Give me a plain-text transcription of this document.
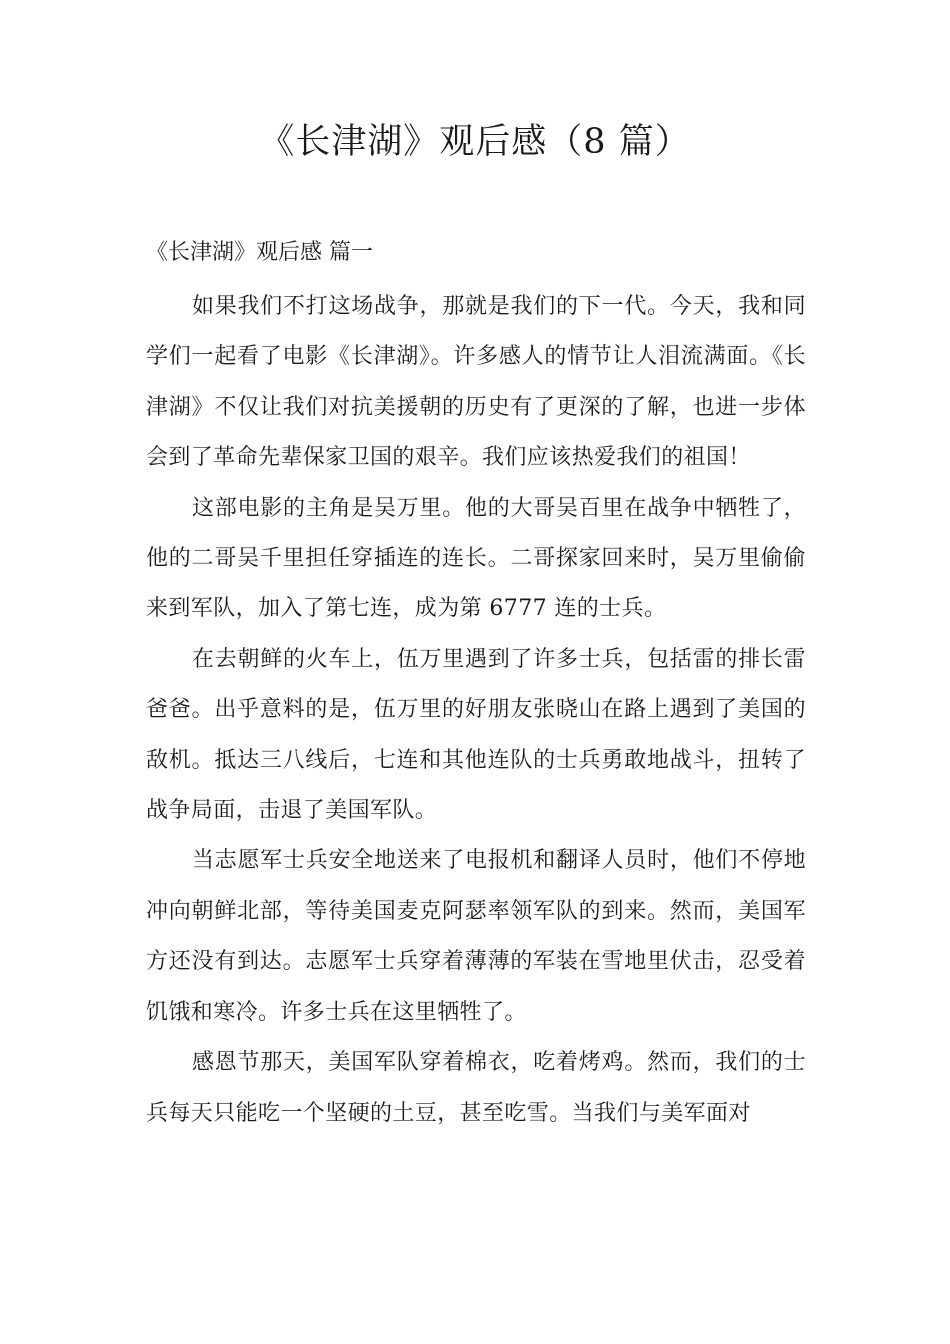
《长津湖》观后感（8 篇）
《长津湖》观后感 篇一

如果我们不打这场战争，那就是我们的下一代。今天，我和同学们一起看了电影《长津湖》。许多感人的情节让人泪流满面。《长津湖》不仅让我们对抗美援朝的历史有了更深的了解，也进一步体会到了革命先辈保家卫国的艰辛。我们应该热爱我们的祖国！

这部电影的主角是吴万里。他的大哥吴百里在战争中牺牲了，他的二哥吴千里担任穿插连的连长。二哥探家回来时，吴万里偷偷来到军队，加入了第七连，成为第 6777 连的士兵。

在去朝鲜的火车上，伍万里遇到了许多士兵，包括雷的排长雷爸爸。出乎意料的是，伍万里的好朋友张晓山在路上遇到了美国的敌机。抵达三八线后，七连和其他连队的士兵勇敢地战斗，扭转了战争局面，击退了美国军队。

当志愿军士兵安全地送来了电报机和翻译人员时，他们不停地冲向朝鲜北部，等待美国麦克阿瑟率领军队的到来。然而，美国军方还没有到达。志愿军士兵穿着薄薄的军装在雪地里伏击，忍受着饥饿和寒冷。许多士兵在这里牺牲了。

感恩节那天，美国军队穿着棉衣，吃着烤鸡。然而，我们的士兵每天只能吃一个坚硬的土豆，甚至吃雪。当我们与美军面对
